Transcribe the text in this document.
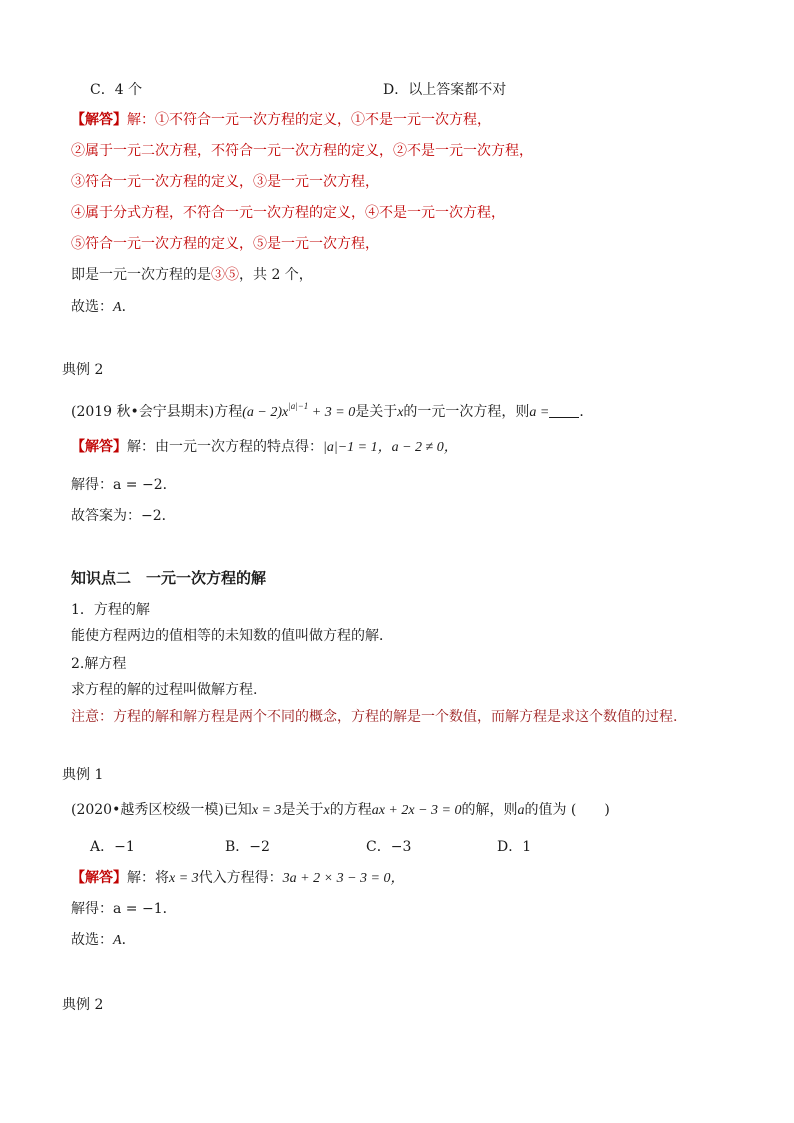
C．4 个	D．以上答案都不对
【解答】解：①不符合一元一次方程的定义，①不是一元一次方程，
②属于一元二次方程，不符合一元一次方程的定义，②不是一元一次方程，
③符合一元一次方程的定义，③是一元一次方程，
④属于分式方程，不符合一元一次方程的定义，④不是一元一次方程，
⑤符合一元一次方程的定义，⑤是一元一次方程，
即是一元一次方程的是③⑤，共 2 个，
故选：A．
典例 2
(2019 秋•会宁县期末)方程$(a - 2)x^{|a|-1} + 3 = 0$是关于x的一元一次方程，则a = ．
【解答】解：由一元一次方程的特点得：|a|−1 = 1，a − 2 ≠ 0，
解得：a = −2．
故答案为：−2．
知识点二　一元一次方程的解
1．方程的解
能使方程两边的值相等的未知数的值叫做方程的解．
2.解方程
求方程的解的过程叫做解方程.
注意：方程的解和解方程是两个不同的概念，方程的解是一个数值，而解方程是求这个数值的过程.
典例 1
(2020•越秀区校级一模)已知x = 3是关于x的方程ax + 2x − 3 = 0的解，则a的值为 (　　)
A．−1	B．−2	C．−3	D．1
【解答】解：将x = 3代入方程得：3a + 2 × 3 − 3 = 0，
解得：a = −1．
故选：A．
典例 2
